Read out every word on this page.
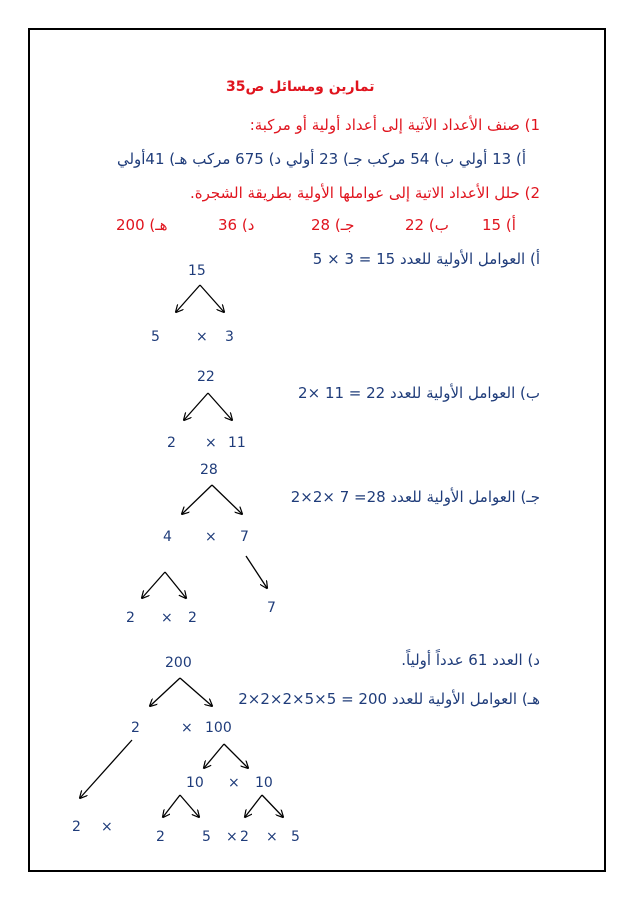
تمارين ومسائل ص35
1) صنف الأعداد الآتية إلى أعداد أولية أو مركبة:
أ) 13 أولي ب) 54 مركب جـ) 23 أولي د) 675 مركب هـ) 41أولي
2) حلل الأعداد الاتية إلى عواملها الأولية بطريقة الشجرة.
أ) 15
ب) 22
جـ) 28
د) 36
هـ) 200
أ) العوامل الأولية للعدد 15 = 3 × 5
ب) العوامل الأولية للعدد 22 = 11 ×2
جـ) العوامل الأولية للعدد 28= 7 ×2×2
د) العدد 61 عدداً أولياً.
هـ) العوامل الأولية للعدد 200 = 5×5×2×2×2
15
5	× 3
22
2 × 11
28
4 × 7
2 × 2
7
200
2	× 100
10 × 10
2 ×
2	5 × 2 × 5
